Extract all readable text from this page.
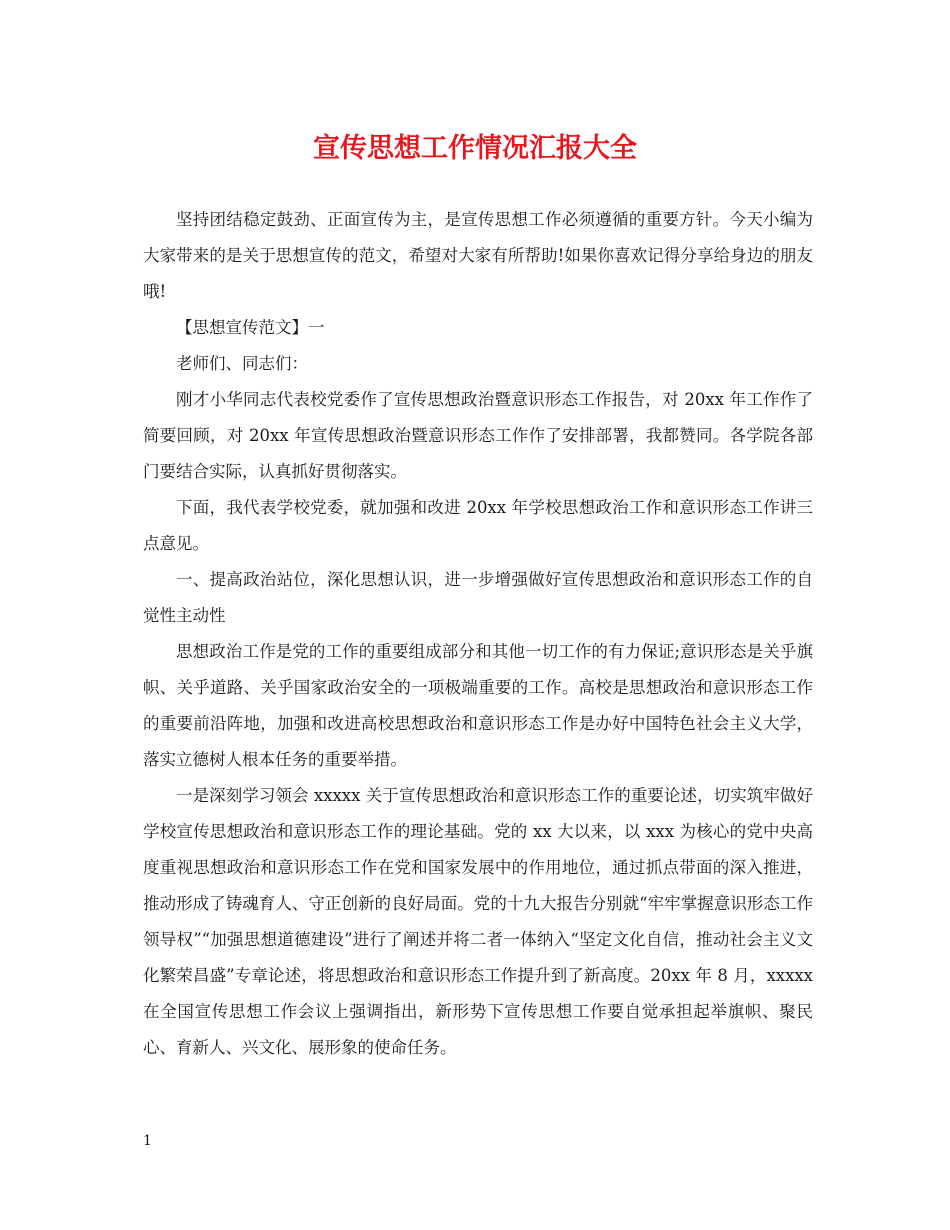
宣传思想工作情况汇报大全

坚持团结稳定鼓劲、正面宣传为主，是宣传思想工作必须遵循的重要方针。今天小编为大家带来的是关于思想宣传的范文，希望对大家有所帮助!如果你喜欢记得分享给身边的朋友哦!

【思想宣传范文】一

老师们、同志们：

刚才小华同志代表校党委作了宣传思想政治暨意识形态工作报告，对 20xx 年工作作了简要回顾，对 20xx 年宣传思想政治暨意识形态工作作了安排部署，我都赞同。各学院各部门要结合实际，认真抓好贯彻落实。

下面，我代表学校党委，就加强和改进 20xx 年学校思想政治工作和意识形态工作讲三点意见。

一、提高政治站位，深化思想认识，进一步增强做好宣传思想政治和意识形态工作的自觉性主动性

思想政治工作是党的工作的重要组成部分和其他一切工作的有力保证;意识形态是关乎旗帜、关乎道路、关乎国家政治安全的一项极端重要的工作。高校是思想政治和意识形态工作的重要前沿阵地，加强和改进高校思想政治和意识形态工作是办好中国特色社会主义大学，落实立德树人根本任务的重要举措。

一是深刻学习领会 xxxxx 关于宣传思想政治和意识形态工作的重要论述，切实筑牢做好学校宣传思想政治和意识形态工作的理论基础。党的 xx 大以来，以 xxx 为核心的党中央高度重视思想政治和意识形态工作在党和国家发展中的作用地位，通过抓点带面的深入推进，推动形成了铸魂育人、守正创新的良好局面。党的十九大报告分别就“牢牢掌握意识形态工作领导权”“加强思想道德建设”进行了阐述并将二者一体纳入“坚定文化自信，推动社会主义文化繁荣昌盛”专章论述，将思想政治和意识形态工作提升到了新高度。20xx 年 8 月，xxxxx 在全国宣传思想工作会议上强调指出，新形势下宣传思想工作要自觉承担起举旗帜、聚民心、育新人、兴文化、展形象的使命任务。

1
